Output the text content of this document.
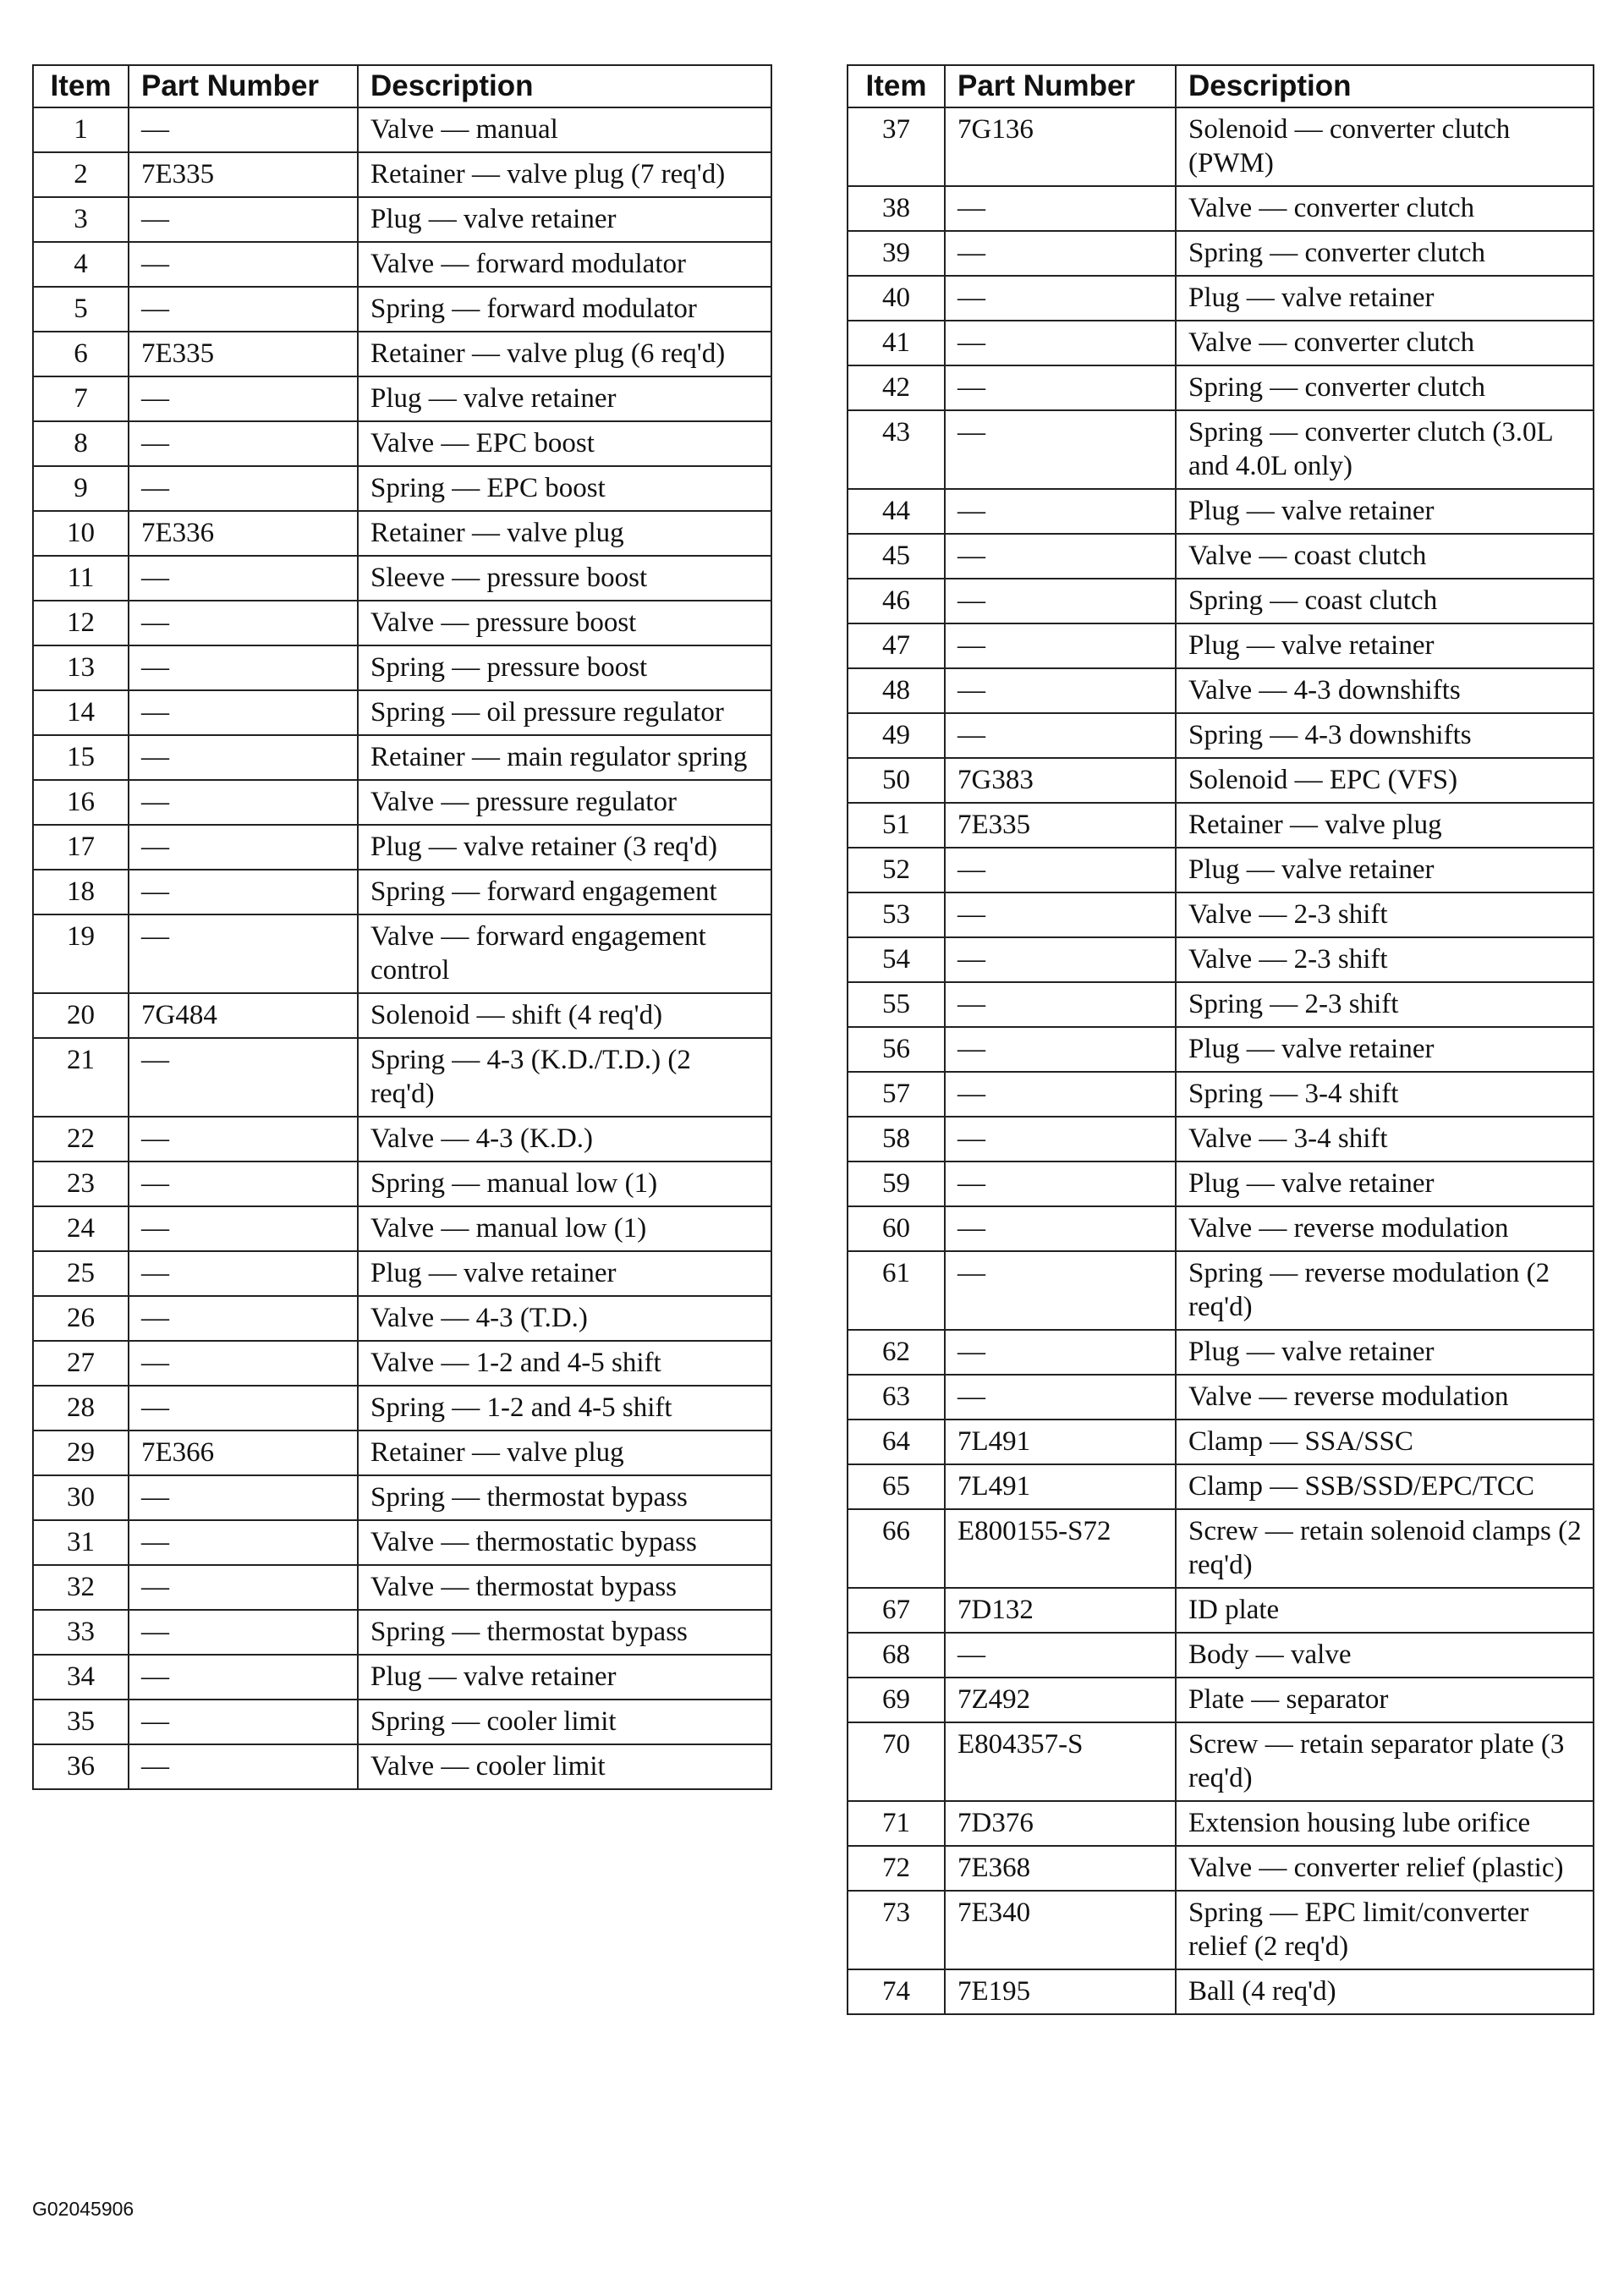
Item	Part Number	Description
1	—	Valve — manual
2	7E335	Retainer — valve plug (7 req'd)
3	—	Plug — valve retainer
4	—	Valve — forward modulator
5	—	Spring — forward modulator
6	7E335	Retainer — valve plug (6 req'd)
7	—	Plug — valve retainer
8	—	Valve — EPC boost
9	—	Spring — EPC boost
10	7E336	Retainer — valve plug
11	—	Sleeve — pressure boost
12	—	Valve — pressure boost
13	—	Spring — pressure boost
14	—	Spring — oil pressure regulator
15	—	Retainer — main regulator spring
16	—	Valve — pressure regulator
17	—	Plug — valve retainer (3 req'd)
18	—	Spring — forward engagement
19	—	Valve — forward engagement control
20	7G484	Solenoid — shift (4 req'd)
21	—	Spring — 4-3 (K.D./T.D.) (2 req'd)
22	—	Valve — 4-3 (K.D.)
23	—	Spring — manual low (1)
24	—	Valve — manual low (1)
25	—	Plug — valve retainer
26	—	Valve — 4-3 (T.D.)
27	—	Valve — 1-2 and 4-5 shift
28	—	Spring — 1-2 and 4-5 shift
29	7E366	Retainer — valve plug
30	—	Spring — thermostat bypass
31	—	Valve — thermostatic bypass
32	—	Valve — thermostat bypass
33	—	Spring — thermostat bypass
34	—	Plug — valve retainer
35	—	Spring — cooler limit
36	—	Valve — cooler limit
Item	Part Number	Description
37	7G136	Solenoid — converter clutch (PWM)
38	—	Valve — converter clutch
39	—	Spring — converter clutch
40	—	Plug — valve retainer
41	—	Valve — converter clutch
42	—	Spring — converter clutch
43	—	Spring — converter clutch (3.0L and 4.0L only)
44	—	Plug — valve retainer
45	—	Valve — coast clutch
46	—	Spring — coast clutch
47	—	Plug — valve retainer
48	—	Valve — 4-3 downshifts
49	—	Spring — 4-3 downshifts
50	7G383	Solenoid — EPC (VFS)
51	7E335	Retainer — valve plug
52	—	Plug — valve retainer
53	—	Valve — 2-3 shift
54	—	Valve — 2-3 shift
55	—	Spring — 2-3 shift
56	—	Plug — valve retainer
57	—	Spring — 3-4 shift
58	—	Valve — 3-4 shift
59	—	Plug — valve retainer
60	—	Valve — reverse modulation
61	—	Spring — reverse modulation (2 req'd)
62	—	Plug — valve retainer
63	—	Valve — reverse modulation
64	7L491	Clamp — SSA/SSC
65	7L491	Clamp — SSB/SSD/EPC/TCC
66	E800155-S72	Screw — retain solenoid clamps (2 req'd)
67	7D132	ID plate
68	—	Body — valve
69	7Z492	Plate — separator
70	E804357-S	Screw — retain separator plate (3 req'd)
71	7D376	Extension housing lube orifice
72	7E368	Valve — converter relief (plastic)
73	7E340	Spring — EPC limit/converter relief (2 req'd)
74	7E195	Ball (4 req'd)
G02045906
